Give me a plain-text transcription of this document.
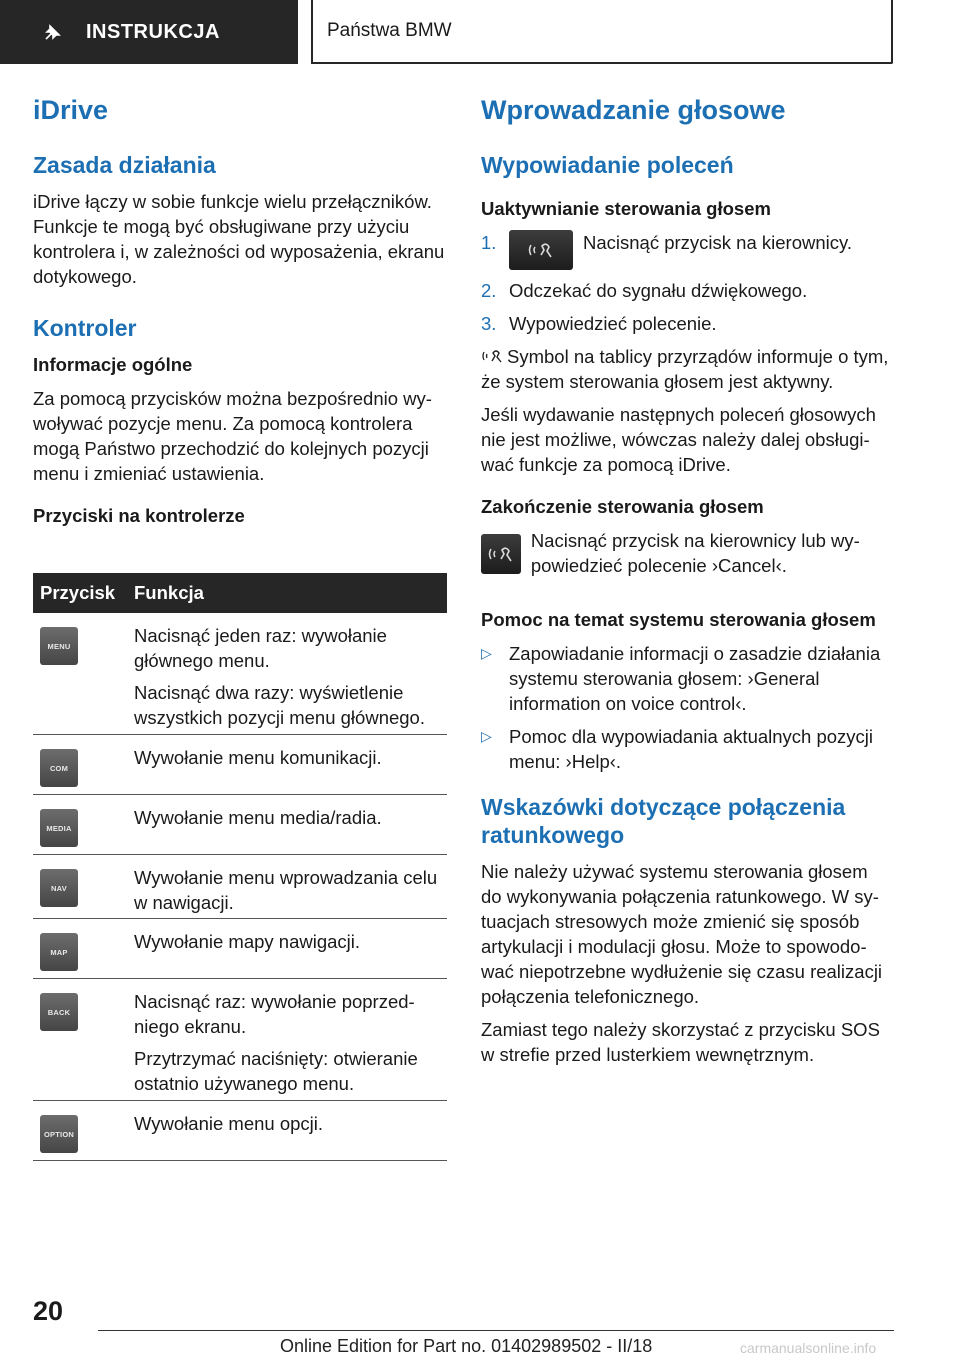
INSTRUKCJA	Państwa BMW
iDrive
Zasada działania

iDrive łączy w sobie funkcje wielu przełączników. Funkcje te mogą być obsługiwane przy użyciu kontrolera i, w zależności od wyposażenia, ekranu dotykowego.

Kontroler
Informacje ogólne

Za pomocą przycisków można bezpośrednio wywoływać pozycje menu. Za pomocą kontrolera mogą Państwo przechodzić do kolejnych pozycji menu i zmieniać ustawienia.

Przyciski na kontrolerze
Przycisk	Funkcja
MENU	Nacisnąć jeden raz: wywołanie głównego menu.

Nacisnąć dwa razy: wyświetlenie wszystkich pozycji menu głównego.

COM	Wywołanie menu komunikacji.

MEDIA	Wywołanie menu media/radia.

NAV	Wywołanie menu wprowadzania celu w nawigacji.

MAP	Wywołanie mapy nawigacji.

BACK	Nacisnąć raz: wywołanie poprzedniego ekranu.

Przytrzymać naciśnięty: otwieranie ostatnio używanego menu.

OPTION	Wywołanie menu opcji.

Wprowadzanie głosowe
Wypowiadanie poleceń
Uaktywnianie sterowania głosem
1.	Nacisnąć przycisk na kierownicy.
2. Odczekać do sygnału dźwiękowego.
3. Wypowiedzieć polecenie.

Symbol na tablicy przyrządów informuje o tym, że system sterowania głosem jest aktywny.

Jeśli wydawanie następnych poleceń głosowych nie jest możliwe, wówczas należy dalej obsługiwać funkcje za pomocą iDrive.

Zakończenie sterowania głosem

Nacisnąć przycisk na kierownicy lub wypowiedzieć polecenie ›Cancel‹.

Pomoc na temat systemu sterowania głosem
▷ Zapowiadanie informacji o zasadzie działania systemu sterowania głosem: ›General information on voice control‹.
▷ Pomoc dla wypowiadania aktualnych pozycji menu: ›Help‹.
Wskazówki dotyczące połączenia ratunkowego

Nie należy używać systemu sterowania głosem do wykonywania połączenia ratunkowego. W sytuacjach stresowych może zmienić się sposób artykulacji i modulacji głosu. Może to spowodować niepotrzebne wydłużenie się czasu realizacji połączenia telefonicznego.

Zamiast tego należy skorzystać z przycisku SOS w strefie przed lusterkiem wewnętrznym.

20
Online Edition for Part no. 01402989502 - II/18	carmanualsonline.info
